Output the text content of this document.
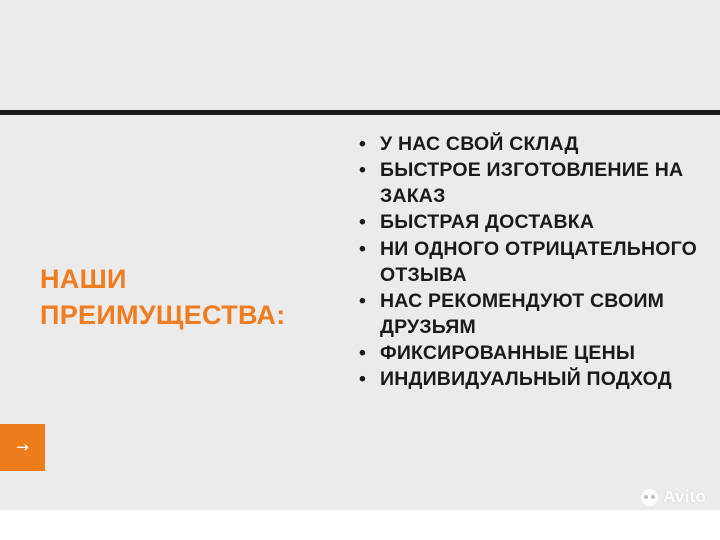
НАШИ
ПРЕИМУЩЕСТВА:
→
• У НАС СВОЙ СКЛАД
• БЫСТРОЕ ИЗГОТОВЛЕНИЕ НА ЗАКАЗ
• БЫСТРАЯ ДОСТАВКА
• НИ ОДНОГО ОТРИЦАТЕЛЬНОГО ОТЗЫВА
• НАС РЕКОМЕНДУЮТ СВОИМ ДРУЗЬЯМ
• ФИКСИРОВАННЫЕ ЦЕНЫ
• ИНДИВИДУАЛЬНЫЙ ПОДХОД
Avito
